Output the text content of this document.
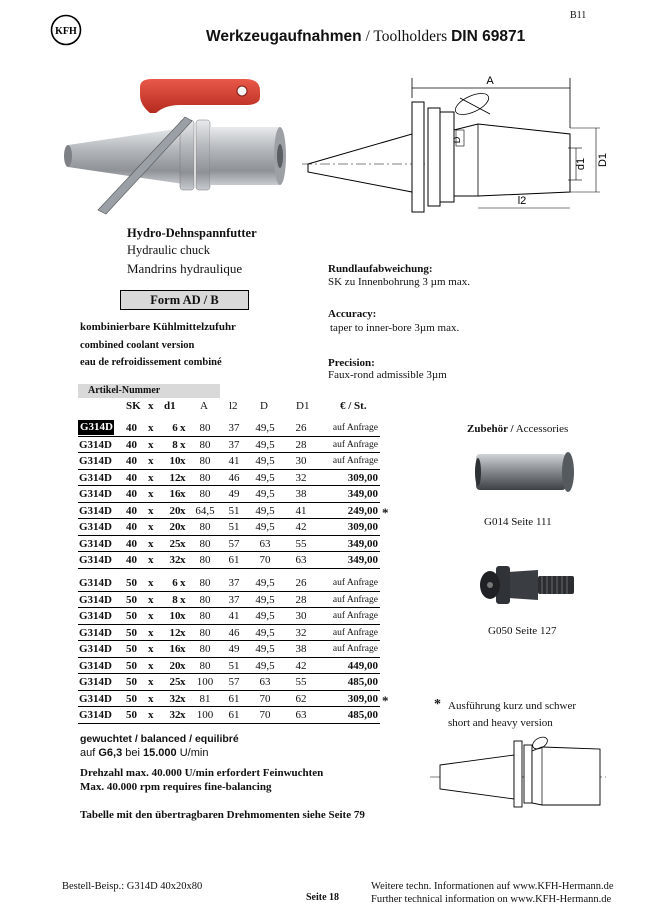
B11
KFH	Werkzeugaufnahmen / Toolholders DIN 69871
A
D
d1 D1
l2
Hydro-Dehnspannfutter
Hydraulic chuck
Mandrins hydraulique
Form AD / B
kombinierbare Kühlmittelzufuhr
combined coolant version
eau de refroidissement combiné
Rundlaufabweichung:
SK zu Innenbohrung 3 µm max.
Accuracy:
taper to inner-bore 3µm max.
Precision:
Faux-rond admissible 3µm
Artikel-Nummer
SK x d1 A l2 D	D1	€ / St.
G314D 40 x	6 x	80	37	49,5	26	auf Anfrage
G314D	40 x	8 x	80	37	49,5	28	auf Anfrage
G314D	40 x	10 x	80	41	49,5	30	auf Anfrage
G314D	40 x	12 x	80	46	49,5	32	309,00
G314D	40 x	16 x	80	49	49,5	38	349,00
G314D	40 x	20 x 64,5	51	49,5	41	249,00 *
G314D	40 x	20 x	80	51	49,5	42	309,00
G314D	40 x	25 x	80	57	63	55	349,00
G314D	40 x	32 x	80	61	70	63	349,00
G314D	50 x	6 x	80	37	49,5	26	auf Anfrage
G314D	50 x	8 x	80	37	49,5	28	auf Anfrage
G314D	50 x	10 x	80	41	49,5	30	auf Anfrage
G314D	50 x	12 x	80	46	49,5	32	auf Anfrage
G314D	50 x	16 x	80	49	49,5	38	auf Anfrage
G314D	50 x	20 x	80	51	49,5	42	449,00
G314D	50 x	25 x	100	57	63	55	485,00
G314D	50 x	32 x	81	61	70	62	309,00 *
G314D	50 x	32 x	100	61	70	63	485,00
Zubehör / Accessories
G014 Seite 111
G050 Seite 127
* Ausführung kurz und schwer
short and heavy version
gewuchtet / balanced / equilibré
auf G6,3 bei 15.000 U/min
Drehzahl max. 40.000 U/min erfordert Feinwuchten
Max. 40.000 rpm requires fine-balancing
Tabelle mit den übertragbaren Drehmomenten siehe Seite 79
Bestell-Beisp.: G314D 40x20x80
Seite 18
Weitere techn. Informationen auf www.KFH-Hermann.de
Further technical information on www.KFH-Hermann.de
